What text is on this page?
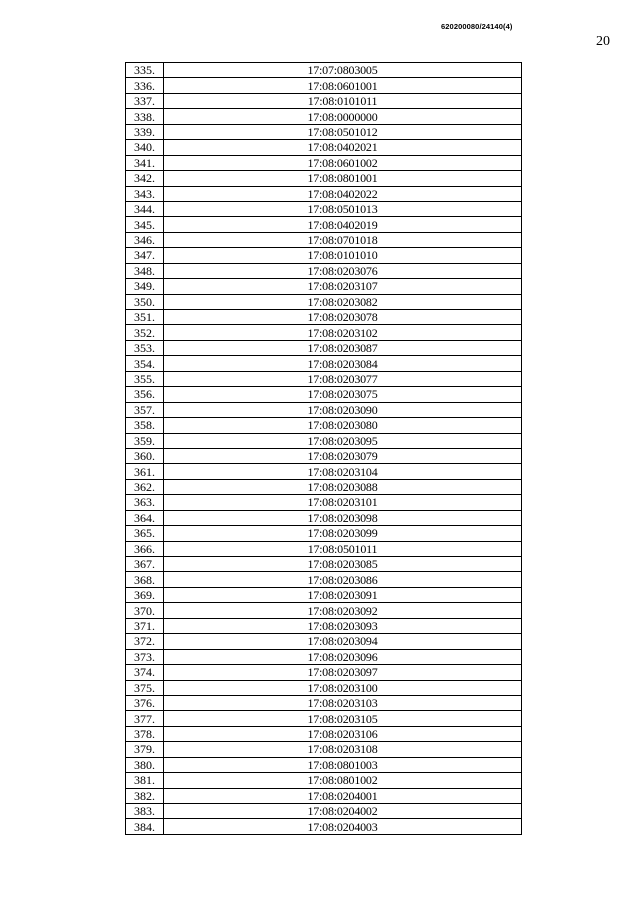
620200080/24140(4)
20
335.	17:07:0803005
336.	17:08:0601001
337.	17:08:0101011
338.	17:08:0000000
339.	17:08:0501012
340.	17:08:0402021
341.	17:08:0601002
342.	17:08:0801001
343.	17:08:0402022
344.	17:08:0501013
345.	17:08:0402019
346.	17:08:0701018
347.	17:08:0101010
348.	17:08:0203076
349.	17:08:0203107
350.	17:08:0203082
351.	17:08:0203078
352.	17:08:0203102
353.	17:08:0203087
354.	17:08:0203084
355.	17:08:0203077
356.	17:08:0203075
357.	17:08:0203090
358.	17:08:0203080
359.	17:08:0203095
360.	17:08:0203079
361.	17:08:0203104
362.	17:08:0203088
363.	17:08:0203101
364.	17:08:0203098
365.	17:08:0203099
366.	17:08:0501011
367.	17:08:0203085
368.	17:08:0203086
369.	17:08:0203091
370.	17:08:0203092
371.	17:08:0203093
372.	17:08:0203094
373.	17:08:0203096
374.	17:08:0203097
375.	17:08:0203100
376.	17:08:0203103
377.	17:08:0203105
378.	17:08:0203106
379.	17:08:0203108
380.	17:08:0801003
381.	17:08:0801002
382.	17:08:0204001
383.	17:08:0204002
384.	17:08:0204003
